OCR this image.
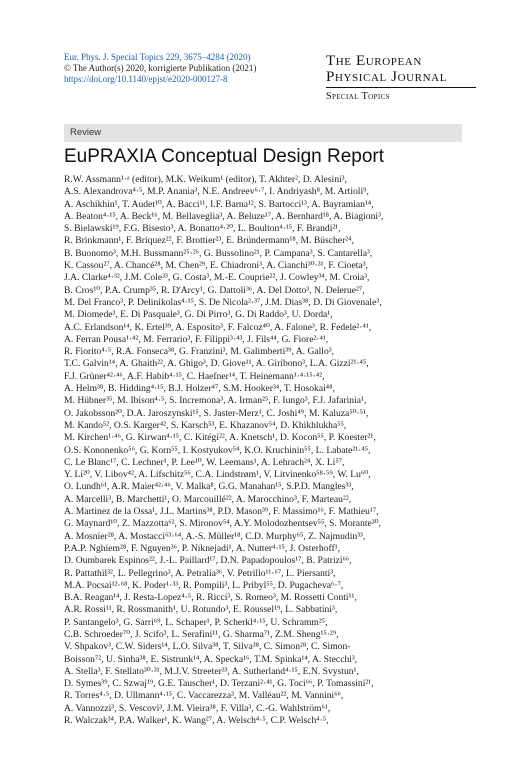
Eur. Phys. J. Special Topics 229, 3675–4284 (2020)
© The Author(s) 2020, korrigierte Publikation (2021)
https://doi.org/10.1140/epjst/e2020-000127-8
The European
Physical Journal
Special Topics
Review
EuPRAXIA Conceptual Design Report
R.W. Assmann¹·ᵃ (editor), M.K. Weikum¹ (editor), T. Akhter², D. Alesini³,
A.S. Alexandrova⁴·⁵, M.P. Anania³, N.E. Andreev⁶·⁷, I. Andriyash⁸, M. Artioli⁹,
A. Aschikhin¹, T. Audet¹⁰, A. Bacci¹¹, I.F. Barna¹², S. Bartocci¹³, A. Bayramian¹⁴,
A. Beaton⁴·¹⁵, A. Beck¹⁶, M. Bellaveglia³, A. Beluze¹⁷, A. Bernhard¹⁸, A. Biagioni³,
S. Bielawski¹⁹, F.G. Bisesto³, A. Bonatto⁴·²⁰, L. Boulton⁴·¹⁵, F. Brandi²¹,
R. Brinkmann¹, F. Briquez²², F. Brottier²³, E. Bründermann¹⁸, M. Büscher²⁴,
B. Buonomo³, M.H. Bussmann²⁵·²⁶, G. Bussolino²¹, P. Campana³, S. Cantarella³,
K. Cassou²⁷, A. Chancé²⁸, M. Chen²⁹, E. Chiadroni³, A. Cianchi³⁰·³¹, F. Cioeta³,
J.A. Clarke⁴·³², J.M. Cole³³, G. Costa³, M.-E. Couprie²², J. Cowley³⁴, M. Croia³,
B. Cros¹⁰, P.A. Crump³⁵, R. D'Arcy¹, G. Dattoli³⁶, A. Del Dotto³, N. Delerue²⁷,
M. Del Franco³, P. Delinikolas⁴·¹⁵, S. De Nicola²·³⁷, J.M. Dias³⁸, D. Di Giovenale³,
M. Diomede³, E. Di Pasquale³, G. Di Pirro³, G. Di Raddo³, U. Dorda¹,
A.C. Erlandson¹⁴, K. Ertel³⁹, A. Esposito³, F. Falcoz⁴⁰, A. Falone³, R. Fedele²·⁴¹,
A. Ferran Pousa¹·⁴², M. Ferrario³, F. Filippi³·⁴³, J. Fils⁴⁴, G. Fiore²·⁴¹,
R. Fiorito⁴·⁵, R.A. Fonseca³⁸, G. Franzini³, M. Galimberti³⁹, A. Gallo³,
T.C. Galvin¹⁴, A. Ghaith²², A. Ghigo³, D. Giove¹¹, A. Giribono³, L.A. Gizzi²¹·⁴⁵,
F.J. Grüner⁴²·⁴⁶, A.F. Habib⁴·¹⁵, C. Haefner¹⁴, T. Heinemann¹·⁴·¹⁵·⁴²,
A. Helm³⁸, B. Hidding⁴·¹⁵, B.J. Holzer⁴⁷, S.M. Hooker³⁴, T. Hosokai⁴⁸,
M. Hübner³⁵, M. Ibison⁴·⁵, S. Incremona³, A. Irman²⁵, F. Iungo³, F.J. Jafarinia¹,
O. Jakobsson²⁰, D.A. Jaroszynski¹⁵, S. Jaster-Merz¹, C. Joshi⁴⁹, M. Kaluza⁵⁰·⁵¹,
M. Kando⁵², O.S. Karger⁴², S. Karsch⁵³, E. Khazanov⁵⁴, D. Khikhlukha⁵⁵,
M. Kirchen¹·⁴⁶, G. Kirwan⁴·¹⁵, C. Kitégi²², A. Knetsch¹, D. Kocon⁵⁵, P. Koester²¹,
O.S. Kononenko⁵⁶, G. Korn⁵⁵, I. Kostyukov⁵⁴, K.O. Kruchinin⁵⁵, L. Labate²¹·⁴⁵,
C. Le Blanc¹⁷, C. Lechner¹, P. Lee¹⁰, W. Leemans¹, A. Lehrach²⁴, X. Li⁵⁷,
Y. Li²⁰, V. Libov⁴², A. Lifschitz⁵⁶, C.A. Lindstrøm¹, V. Litvinenko⁵⁸·⁵⁹, W. Lu⁶⁰,
O. Lundh⁶¹, A.R. Maier⁴²·⁴⁶, V. Malka⁸, G.G. Manahan¹⁵, S.P.D. Mangles³³,
A. Marcelli³, B. Marchetti¹, O. Marcouillé²², A. Marocchino³, F. Marteau²²,
A. Martinez de la Ossa¹, J.L. Martins³⁸, P.D. Mason³⁹, F. Massimo¹⁶, F. Mathieu¹⁷,
G. Maynard¹⁰, Z. Mazzotta⁶², S. Mironov⁵⁴, A.Y. Molodozhentsev⁵⁵, S. Morante³⁰,
A. Mosnier²⁸, A. Mostacci⁶³·⁶⁴, A.-S. Müller¹⁸, C.D. Murphy⁶⁵, Z. Najmudin³³,
P.A.P. Nghiem²⁸, F. Nguyen³⁶, P. Niknejadi¹, A. Nutter⁴·¹⁵, J. Osterhoff¹,
D. Oumbarek Espinos²², J.-L. Paillard¹⁷, D.N. Papadopoulos¹⁷, B. Patrizi⁶⁶,
R. Pattathil³², L. Pellegrino³, A. Petralia³⁶, V. Petrillo¹¹·⁶⁷, L. Piersanti³,
M.A. Pocsai¹²·⁶⁸, K. Poder¹·³³, R. Pompili³, L. Pribyl⁵⁵, D. Pugacheva⁶·⁷,
B.A. Reagan¹⁴, J. Resta-Lopez⁴·⁵, R. Ricci³, S. Romeo³, M. Rossetti Conti¹¹,
A.R. Rossi¹¹, R. Rossmanith¹, U. Rotundo³, E. Roussel¹⁹, L. Sabbatini³,
P. Santangelo³, G. Sarri⁶⁹, L. Schaper¹, P. Scherkl⁴·¹⁵, U. Schramm²⁵,
C.B. Schroeder⁷⁰, J. Scifo³, L. Serafini¹¹, G. Sharma⁷¹, Z.M. Sheng¹⁵·²⁹,
V. Shpakov³, C.W. Siders¹⁴, L.O. Silva³⁸, T. Silva³⁸, C. Simon²⁸, C. Simon-
Boisson⁷², U. Sinha³⁸, E. Sistrunk¹⁴, A. Specka¹⁶, T.M. Spinka¹⁴, A. Stecchi³,
A. Stella³, F. Stellato³⁰·³¹, M.J.V. Streeter³³, A. Sutherland⁴·¹⁵, E.N. Svystun¹,
D. Symes³⁹, C. Szwaj¹⁹, G.E. Tauscher¹, D. Terzani²·⁴¹, G. Toci⁶⁶, P. Tomassini²¹,
R. Torres⁴·⁵, D. Ullmann⁴·¹⁵, C. Vaccarezza³, M. Valléau²², M. Vannini⁶⁶,
A. Vannozzi³, S. Vescovi³, J.M. Vieira³⁸, F. Villa³, C.-G. Wahlström⁶¹,
R. Walczak³⁴, P.A. Walker¹, K. Wang²⁷, A. Welsch⁴·⁵, C.P. Welsch⁴·⁵,
